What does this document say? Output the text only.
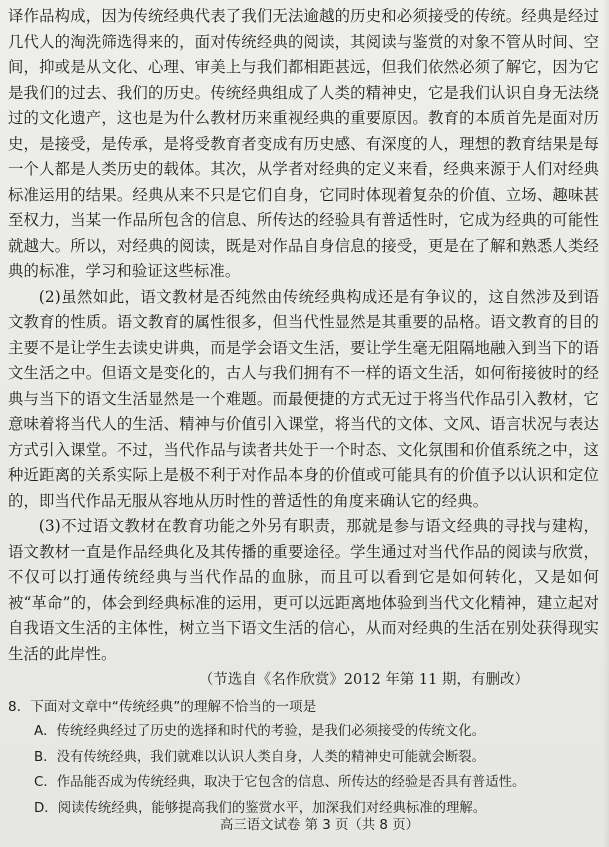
译作品构成，因为传统经典代表了我们无法逾越的历史和必须接受的传统。经典是经过几代人的淘洗筛选得来的，面对传统经典的阅读，其阅读与鉴赏的对象不管从时间、空间，抑或是从文化、心理、审美上与我们都相距甚远，但我们依然必须了解它，因为它是我们的过去、我们的历史。传统经典组成了人类的精神史，它是我们认识自身无法绕过的文化遗产，这也是为什么教材历来重视经典的重要原因。教育的本质首先是面对历史，是接受，是传承，是将受教育者变成有历史感、有深度的人，理想的教育结果是每一个人都是人类历史的载体。其次，从学者对经典的定义来看，经典来源于人们对经典标准运用的结果。经典从来不只是它们自身，它同时体现着复杂的价值、立场、趣味甚至权力，当某一作品所包含的信息、所传达的经验具有普适性时，它成为经典的可能性就越大。所以，对经典的阅读，既是对作品自身信息的接受，更是在了解和熟悉人类经典的标准，学习和验证这些标准。

(2)虽然如此，语文教材是否纯然由传统经典构成还是有争议的，这自然涉及到语文教育的性质。语文教育的属性很多，但当代性显然是其重要的品格。语文教育的目的主要不是让学生去读史讲典，而是学会语文生活，要让学生毫无阻隔地融入到当下的语文生活之中。但语文是变化的，古人与我们拥有不一样的语文生活，如何衔接彼时的经典与当下的语文生活显然是一个难题。而最便捷的方式无过于将当代作品引入教材，它意味着将当代人的生活、精神与价值引入课堂，将当代的文体、文风、语言状况与表达方式引入课堂。不过，当代作品与读者共处于一个时态、文化氛围和价值系统之中，这种近距离的关系实际上是极不利于对作品本身的价值或可能具有的价值予以认识和定位的，即当代作品无服从容地从历时性的普适性的角度来确认它的经典。

(3)不过语文教材在教育功能之外另有职责，那就是参与语文经典的寻找与建构，语文教材一直是作品经典化及其传播的重要途径。学生通过对当代作品的阅读与欣赏，不仅可以打通传统经典与当代作品的血脉，而且可以看到它是如何转化，又是如何被“革命”的，体会到经典标准的运用，更可以远距离地体验到当代文化精神，建立起对自我语文生活的主体性，树立当下语文生活的信心，从而对经典的生活在别处获得现实生活的此岸性。

（节选自《名作欣赏》2012 年第 11 期，有删改）

8．下面对文章中“传统经典”的理解不恰当的一项是

A．传统经典经过了历史的选择和时代的考验，是我们必须接受的传统文化。
B．没有传统经典，我们就难以认识人类自身，人类的精神史可能就会断裂。
C．作品能否成为传统经典，取决于它包含的信息、所传达的经验是否具有普适性。
D．阅读传统经典，能够提高我们的鉴赏水平，加深我们对经典标准的理解。
高三语文试卷 第 3 页（共 8 页）
